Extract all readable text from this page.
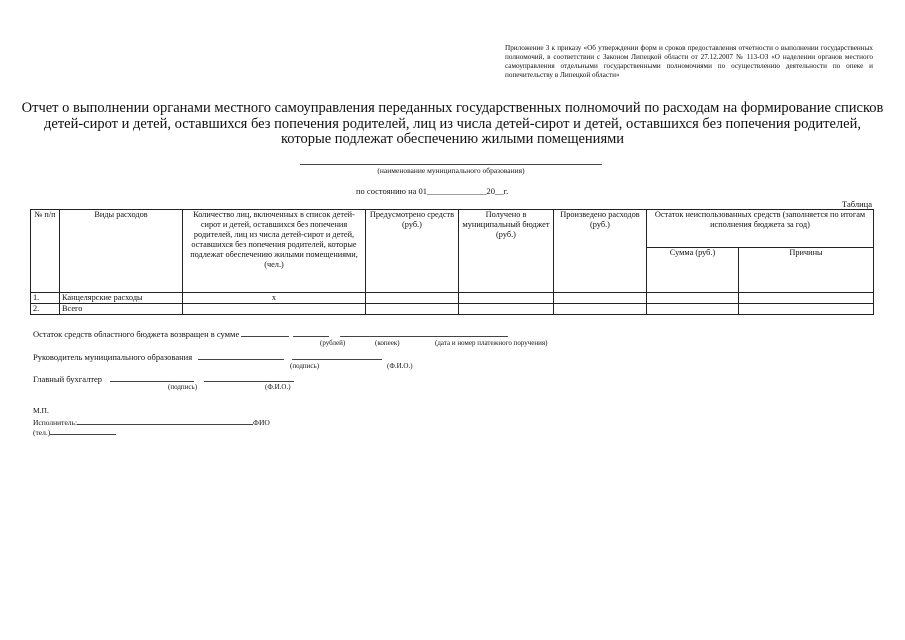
Приложение 3 к приказу «Об утверждении форм и сроков предоставления отчетности о выполнении государственных полномочий, в соответствии с Законом Липецкой области от 27.12.2007 № 113-ОЗ «О наделении органов местного самоуправления отдельными государственными полномочиями по осуществлению деятельности по опеке и попечительству в Липецкой области»
Отчет о выполнении органами местного самоуправления переданных государственных полномочий по расходам на формирование списков детей-сирот и детей, оставшихся без попечения родителей, лиц из числа детей-сирот и детей, оставшихся без попечения родителей, которые подлежат обеспечению жилыми помещениями
(наименование муниципального образования)
по состоянию на 01______________20__г.
Таблица
№ п/п	Виды расходов	Количество лиц, включенных в список детей-сирот и детей, оставшихся без попечения родителей, лиц из числа детей-сирот и детей, оставшихся без попечения родителей, которые подлежат обеспечению жилыми помещениями, (чел.)	Предусмотрено средств (руб.)	Получено в муниципальный бюджет (руб.)	Произведено расходов (руб.)	Остаток неиспользованных средств (заполняется по итогам исполнения бюджета за год)	
						Сумма (руб.)	Причины
1.	Канцелярские расходы	х					
2.	Всего						
Остаток средств областного бюджета возвращен в сумме
(рублей)	(копеек)	(дата и номер платежного поручения)
Руководитель муниципального образования
(подпись)	(Ф.И.О.)
Главный бухгалтер
(подпись)	(Ф.И.О.)
М.П.
Исполнитель:	ФИО
(тел.)
